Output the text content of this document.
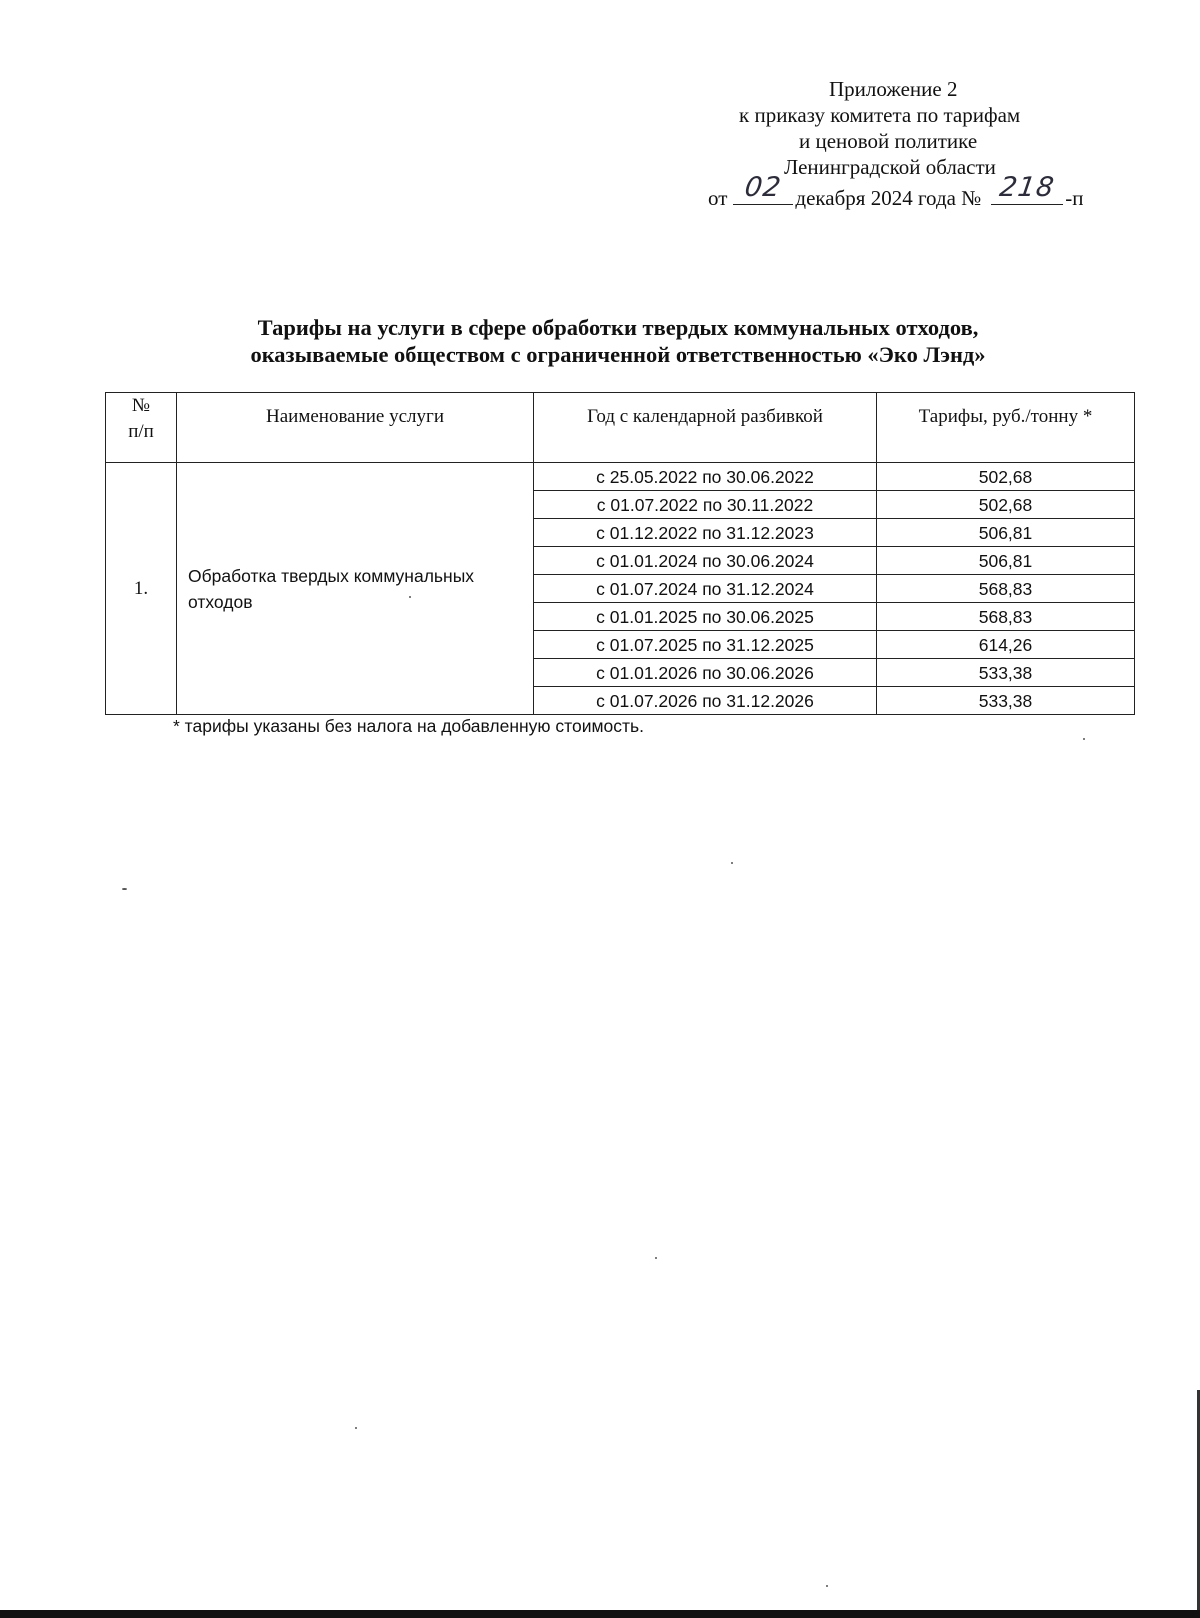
Приложение 2
к приказу комитета по тарифам
и ценовой политике
Ленинградской области
от 02 декабря 2024 года № 218 -п
Тарифы на услуги в сфере обработки твердых коммунальных отходов,
оказываемые обществом с ограниченной ответственностью «Эко Лэнд»
№
п/п	Наименование услуги	Год с календарной разбивкой	Тарифы, руб./тонну *
1.	Обработка твердых коммунальных отходов	с 25.05.2022 по 30.06.2022	502,68
		с 01.07.2022 по 30.11.2022	502,68
		с 01.12.2022 по 31.12.2023	506,81
		с 01.01.2024 по 30.06.2024	506,81
		с 01.07.2024 по 31.12.2024	568,83
		с 01.01.2025 по 30.06.2025	568,83
		с 01.07.2025 по 31.12.2025	614,26
		с 01.01.2026 по 30.06.2026	533,38
		с 01.07.2026 по 31.12.2026	533,38
* тарифы указаны без налога на добавленную стоимость.
